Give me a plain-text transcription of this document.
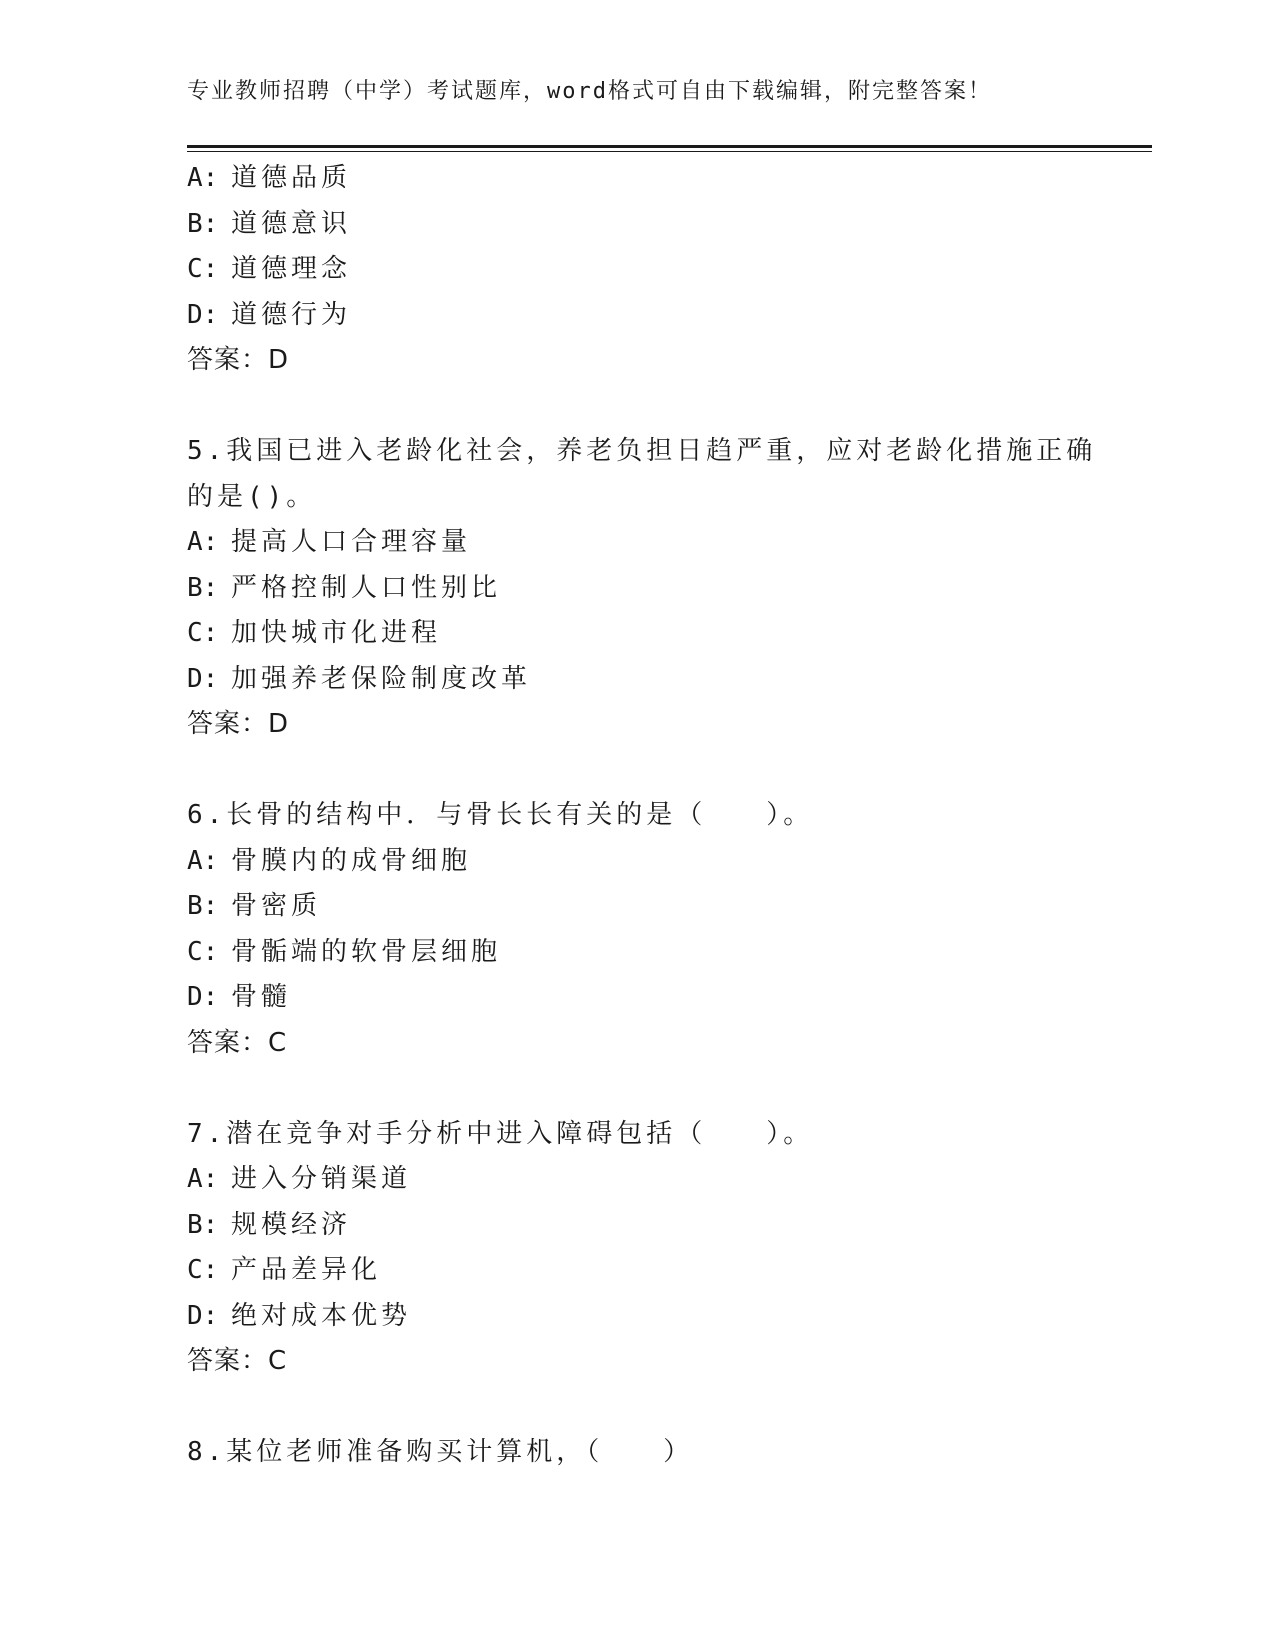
专业教师招聘（中学）考试题库，word格式可自由下载编辑，附完整答案！
A: 道德品质
B: 道德意识
C: 道德理念
D: 道德行为
答案：D
5.我国已进入老龄化社会，养老负担日趋严重，应对老龄化措施正确
的是()。
A: 提高人口合理容量
B: 严格控制人口性别比
C: 加快城市化进程
D: 加强养老保险制度改革
答案：D
6.长骨的结构中．与骨长长有关的是（　　）。
A: 骨膜内的成骨细胞
B: 骨密质
C: 骨骺端的软骨层细胞
D: 骨髓
答案：C
7.潜在竞争对手分析中进入障碍包括（　　）。
A: 进入分销渠道
B: 规模经济
C: 产品差异化
D: 绝对成本优势
答案：C
8.某位老师准备购买计算机，（　　）
